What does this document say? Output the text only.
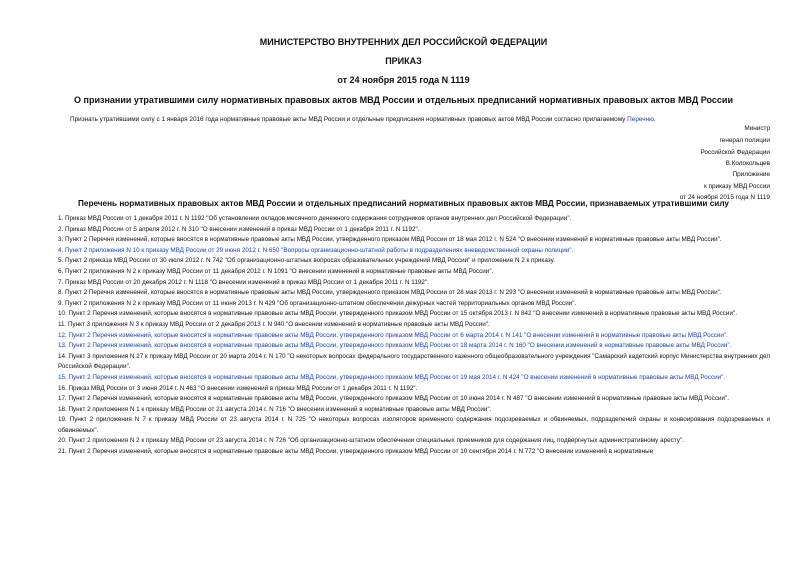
МИНИСТЕРСТВО ВНУТРЕННИХ ДЕЛ РОССИЙСКОЙ ФЕДЕРАЦИИ
ПРИКАЗ
от 24 ноября 2015 года N 1119
О признании утратившими силу нормативных правовых актов МВД России и отдельных предписаний нормативных правовых актов МВД России
Признать утратившими силу с 1 января 2016 года нормативные правовые акты МВД России и отдельные предписания нормативных правовых актов МВД России согласно прилагаемому Перечню.
Министр
генерал полиции
Российской Федерации
В.Колокольцев
Приложение
к приказу МВД России
от 24 ноября 2015 года N 1119
Перечень нормативных правовых актов МВД России и отдельных предписаний нормативных правовых актов МВД России, признаваемых утратившими силу
1. Приказ МВД России от 1 декабря 2011 г. N 1192 "Об установлении окладов месячного денежного содержания сотрудников органов внутренних дел Российской Федерации".
2. Приказ МВД России от 5 апреля 2012 г. N 310 "О внесении изменений в приказ МВД России от 1 декабря 2011 г. N 1192".
3. Пункт 2 Перечня изменений, которые вносятся в нормативные правовые акты МВД России, утвержденного приказом МВД России от 18 мая 2012 г. N 524 "О внесении изменений в нормативные правовые акты МВД России".
4. Пункт 2 приложения N 10 к приказу МВД России от 29 июня 2012 г. N 650 "Вопросы организационно-штатной работы в подразделениях вневедомственной охраны полиции".
5. Пункт 2 приказа МВД России от 30 июля 2012 г. N 742 "Об организационно-штатных вопросах образовательных учреждений МВД России" и приложение N 2 к приказу.
6. Пункт 2 приложения N 2 к приказу МВД России от 11 декабря 2012 г. N 1091 "О внесении изменений в нормативные правовые акты МВД России".
7. Приказ МВД России от 20 декабря 2012 г. N 1118 "О внесении изменений в приказ МВД России от 1 декабря 2011 г. N 1192".
8. Пункт 2 Перечня изменений, которые вносятся в нормативные правовые акты МВД России, утвержденного приказом МВД России от 28 мая 2013 г. N 293 "О внесении изменений в нормативные правовые акты МВД России".
9. Пункт 2 приложения N 2 к приказу МВД России от 11 июня 2013 г. N 429 "Об организационно-штатном обеспечении дежурных частей территориальных органов МВД России".
10. Пункт 2 Перечня изменений, которые вносятся в нормативные правовые акты МВД России, утвержденного приказом МВД России от 15 октября 2013 г. N 842 "О внесении изменений в нормативные правовые акты МВД России".
11. Пункт 3 приложения N 3 к приказу МВД России от 2 декабря 2013 г. N 940 "О внесении изменений в нормативные правовые акты МВД России".
12. Пункт 2 Перечня изменений, которые вносятся в нормативные правовые акты МВД России, утвержденного приказом МВД России от 6 марта 2014 г. N 141 "О внесении изменений в нормативные правовые акты МВД России".
13. Пункт 2 Перечня изменений, которые вносятся в нормативные правовые акты МВД России, утвержденного приказом МВД России от 18 марта 2014 г. N 160 "О внесении изменений в нормативные правовые акты МВД России".
14. Пункт 3 приложения N 27 к приказу МВД России от 20 марта 2014 г. N 170 "О некоторых вопросах федерального государственного казенного общеобразовательного учреждения "Самарский кадетский корпус Министерства внутренних дел Российской Федерации".
15. Пункт 2 Перечня изменений, которые вносятся в нормативные правовые акты МВД России, утвержденного приказом МВД России от 19 мая 2014 г. N 424 "О внесении изменений в нормативные правовые акты МВД России".
16. Приказ МВД России от 3 июня 2014 г. N 463 "О внесении изменений в приказ МВД России от 1 декабря 2011 г. N 1192".
17. Пункт 2 Перечня изменений, которые вносятся в нормативные правовые акты МВД России, утвержденного приказом МВД России от 10 июня 2014 г. N 487 "О внесении изменений в нормативные правовые акты МВД России".
18. Пункт 2 приложения N 1 к приказу МВД России от 21 августа 2014 г. N 716 "О внесении изменений в нормативные правовые акты МВД России".
19. Пункт 2 приложения N 7 к приказу МВД России от 23 августа 2014 г. N 725 "О некоторых вопросах изоляторов временного содержания подозреваемых и обвиняемых, подразделений охраны и конвоирования подозреваемых и обвиняемых".
20. Пункт 2 приложения N 2 к приказу МВД России от 23 августа 2014 г. N 726 "Об организационно-штатном обеспечении специальных приемников для содержания лиц, подвергнутых административному аресту".
21. Пункт 2 Перечня изменений, которые вносятся в нормативные правовые акты МВД России, утвержденного приказом МВД России от 10 сентября 2014 г. N 772 "О внесении изменений в нормативные
